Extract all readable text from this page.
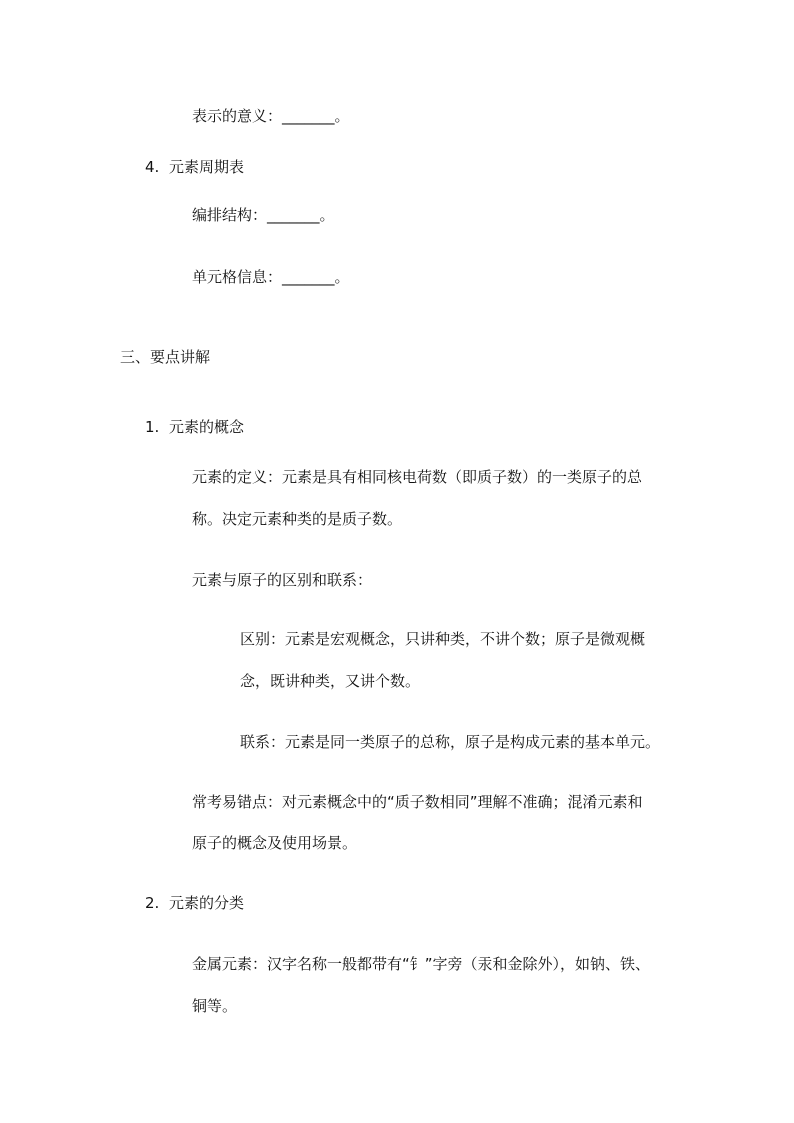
表示的意义：_______。
4. 元素周期表
编排结构：_______。
单元格信息：_______。
三、要点讲解
1. 元素的概念
元素的定义：元素是具有相同核电荷数（即质子数）的一类原子的总
称。决定元素种类的是质子数。
元素与原子的区别和联系：
区别：元素是宏观概念，只讲种类，不讲个数；原子是微观概
念，既讲种类，又讲个数。
联系：元素是同一类原子的总称，原子是构成元素的基本单元。
常考易错点：对元素概念中的“质子数相同”理解不准确；混淆元素和
原子的概念及使用场景。
2. 元素的分类
金属元素：汉字名称一般都带有“钅”字旁（汞和金除外），如钠、铁、
铜等。
